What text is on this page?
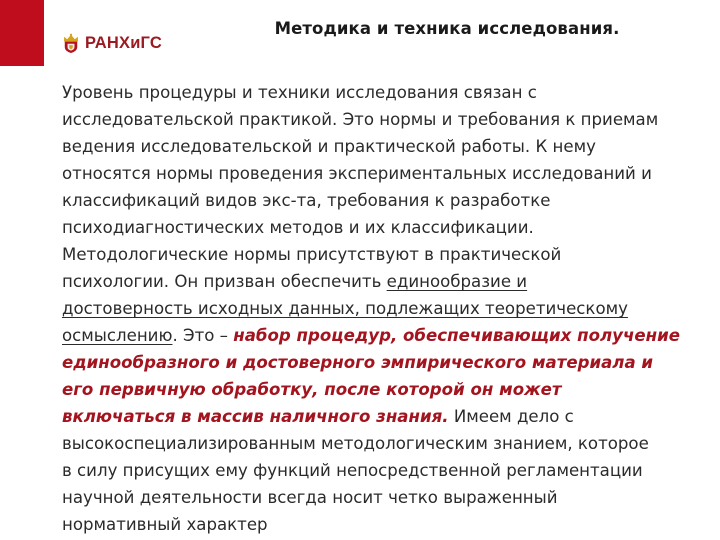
РАНХиГС
Методика и техника исследования.
Уровень процедуры и техники исследования связан с
исследовательской практикой. Это нормы и требования к приемам
ведения исследовательской и практической работы. К нему
относятся нормы проведения экспериментальных исследований и
классификаций видов экс-та, требования к разработке
психодиагностических методов и их классификации.
Методологические нормы присутствуют в практической
психологии. Он призван обеспечить единообразие и
достоверность исходных данных, подлежащих теоретическому
осмыслению. Это – набор процедур, обеспечивающих получение
единообразного и достоверного эмпирического материала и
его первичную обработку, после которой он может
включаться в массив наличного знания. Имеем дело с
высокоспециализированным методологическим знанием, которое
в силу присущих ему функций непосредственной регламентации
научной деятельности всегда носит четко выраженный
нормативный характер
